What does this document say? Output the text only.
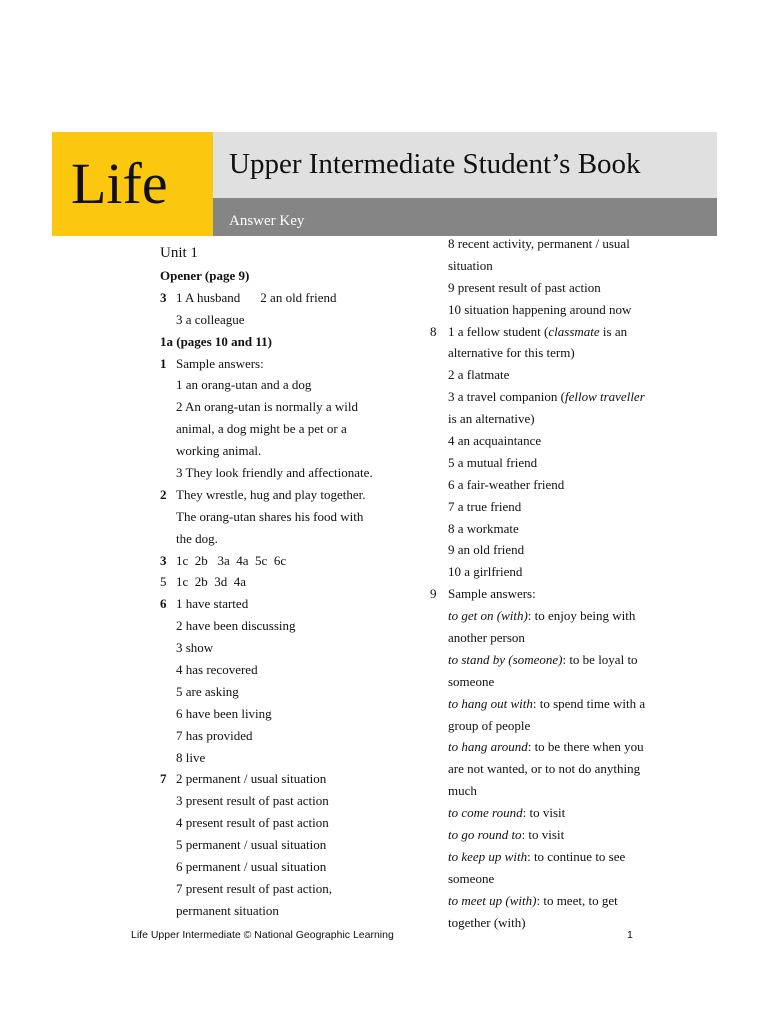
Life Upper Intermediate Student’s Book
Answer Key
Unit 1
Opener (page 9)
3 1 A husband 2 an old friend
3 a colleague
1a (pages 10 and 11)
1 Sample answers:
1 an orang-utan and a dog
2 An orang-utan is normally a wild
animal, a dog might be a pet or a
working animal.
3 They look friendly and affectionate.
2 They wrestle, hug and play together.
The orang-utan shares his food with
the dog.
3 1c  2b   3a  4a  5c  6c
5 1c  2b  3d  4a
6 1 have started
2 have been discussing
3 show
4 has recovered
5 are asking
6 have been living
7 has provided
8 live
7 2 permanent / usual situation
3 present result of past action
4 present result of past action
5 permanent / usual situation
6 permanent / usual situation
7 present result of past action,
permanent situation
8 recent activity, permanent / usual
situation
9 present result of past action
10 situation happening around now
8 1 a fellow student (classmate is an
alternative for this term)
2 a flatmate
3 a travel companion (fellow traveller
is an alternative)
4 an acquaintance
5 a mutual friend
6 a fair-weather friend
7 a true friend
8 a workmate
9 an old friend
10 a girlfriend
9 Sample answers:
to get on (with): to enjoy being with
another person
to stand by (someone): to be loyal to
someone
to hang out with: to spend time with a
group of people
to hang around: to be there when you
are not wanted, or to not do anything
much
to come round: to visit
to go round to: to visit
to keep up with: to continue to see
someone
to meet up (with): to meet, to get
together (with)
Life Upper Intermediate © National Geographic Learning	1
